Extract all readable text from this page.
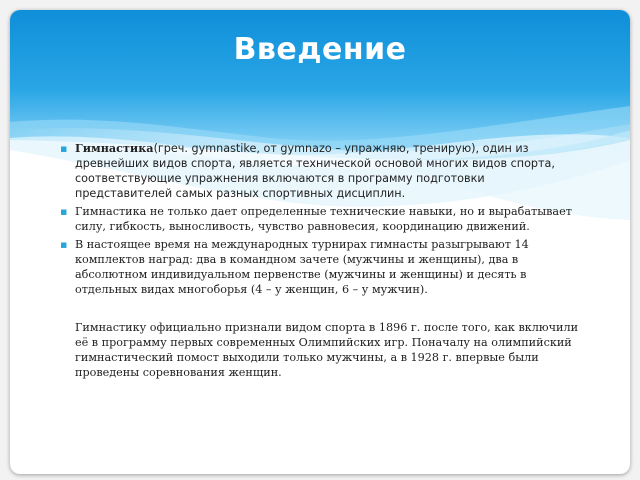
Введение
▪ Гимнастика(греч. gymnastike, от gymnazo – упражняю, тренирую), один из древнейших видов спорта, является технической основой многих видов спорта, соответствующие упражнения включаются в программу подготовки представителей самых разных спортивных дисциплин.
▪ Гимнастика не только дает определенные технические навыки, но и вырабатывает силу, гибкость, выносливость, чувство равновесия, координацию движений.
▪ В настоящее время на международных турнирах гимнасты разыгрывают 14 комплектов наград: два в командном зачете (мужчины и женщины), два в абсолютном индивидуальном первенстве (мужчины и женщины) и десять в отдельных видах многоборья (4 – у женщин, 6 – у мужчин).
Гимнастику официально признали видом спорта в 1896 г. после того, как включили её в программу первых современных Олимпийских игр. Поначалу на олимпийский гимнастический помост выходили только мужчины, а в 1928 г. впервые были проведены соревнования женщин.
